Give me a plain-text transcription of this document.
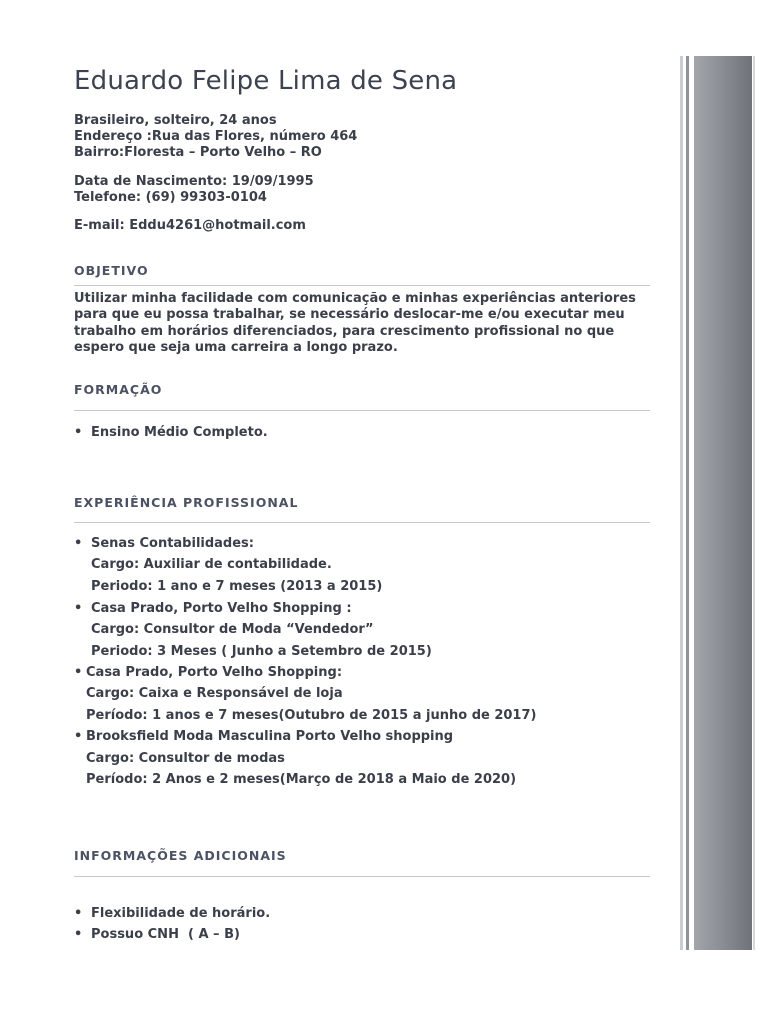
Eduardo Felipe Lima de Sena
Brasileiro, solteiro, 24 anos
Endereço :Rua das Flores, número 464
Bairro:Floresta – Porto Velho – RO
Data de Nascimento: 19/09/1995
Telefone: (69) 99303-0104
E-mail: Eddu4261@hotmail.com
OBJETIVO
Utilizar minha facilidade com comunicação e minhas experiências anteriores para que eu possa trabalhar, se necessário deslocar-me e/ou executar meu trabalho em horários diferenciados, para crescimento profissional no que espero que seja uma carreira a longo prazo.
FORMAÇÃO
• Ensino Médio Completo.
EXPERIÊNCIA PROFISSIONAL
• Senas Contabilidades:
Cargo: Auxiliar de contabilidade.
Periodo: 1 ano e 7 meses (2013 a 2015)
• Casa Prado, Porto Velho Shopping :
Cargo: Consultor de Moda “Vendedor”
Periodo: 3 Meses ( Junho a Setembro de 2015)
• Casa Prado, Porto Velho Shopping:
Cargo: Caixa e Responsável de loja
Período: 1 anos e 7 meses(Outubro de 2015 a junho de 2017)
• Brooksfield Moda Masculina Porto Velho shopping
Cargo: Consultor de modas
Período: 2 Anos e 2 meses(Março de 2018 a Maio de 2020)
INFORMAÇÕES ADICIONAIS
• Flexibilidade de horário.
• Possuo CNH  ( A – B)
